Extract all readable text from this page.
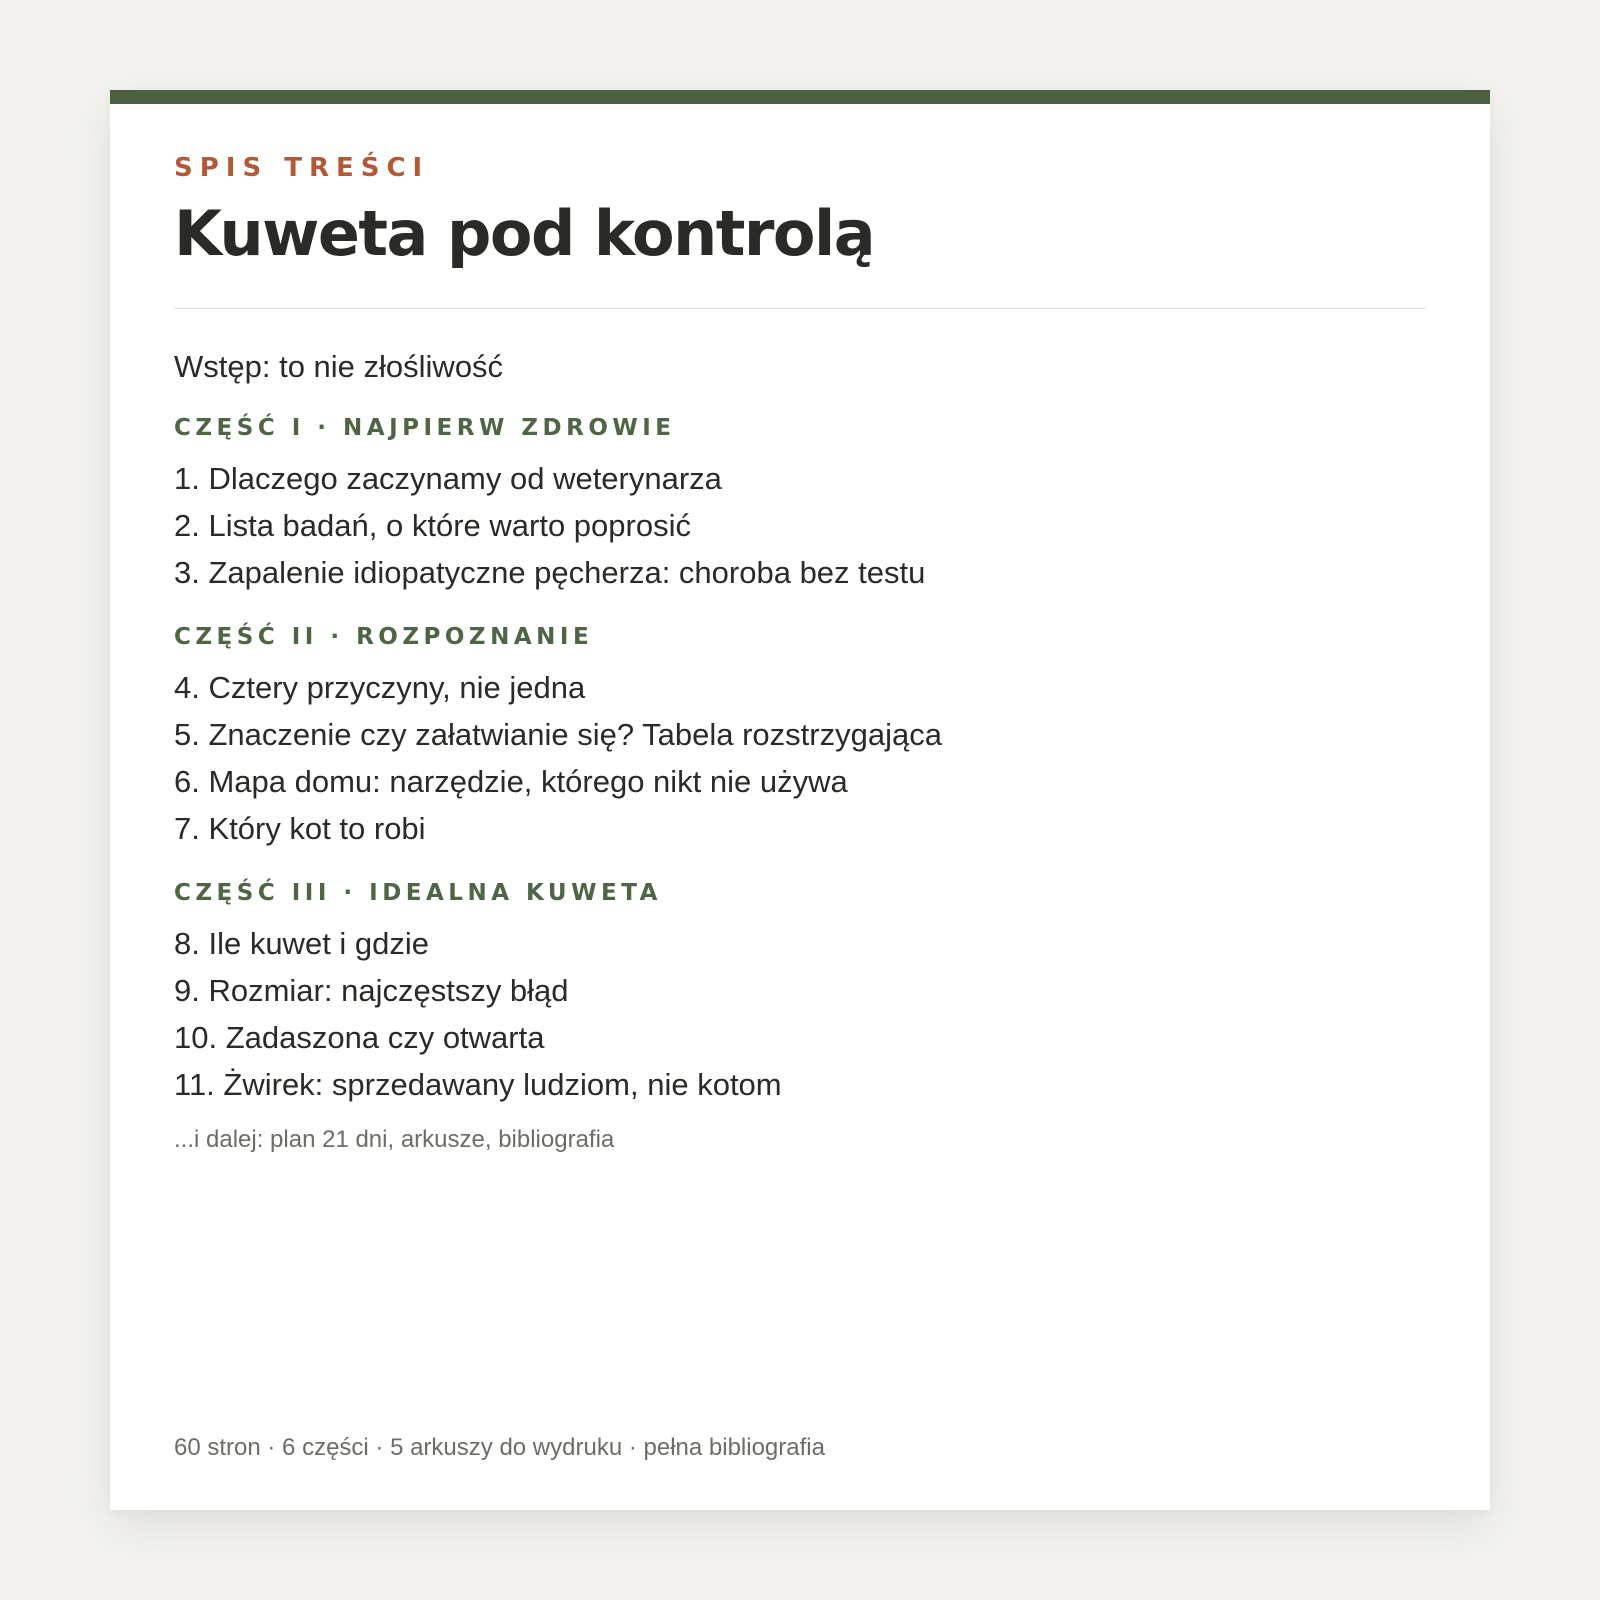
SPIS TREŚCI
Kuweta pod kontrolą
Wstęp: to nie złośliwość
CZĘŚĆ I · NAJPIERW ZDROWIE
1. Dlaczego zaczynamy od weterynarza
2. Lista badań, o które warto poprosić
3. Zapalenie idiopatyczne pęcherza: choroba bez testu
CZĘŚĆ II · ROZPOZNANIE
4. Cztery przyczyny, nie jedna
5. Znaczenie czy załatwianie się? Tabela rozstrzygająca
6. Mapa domu: narzędzie, którego nikt nie używa
7. Który kot to robi
CZĘŚĆ III · IDEALNA KUWETA
8. Ile kuwet i gdzie
9. Rozmiar: najczęstszy błąd
10. Zadaszona czy otwarta
11. Żwirek: sprzedawany ludziom, nie kotom
...i dalej: plan 21 dni, arkusze, bibliografia
60 stron · 6 części · 5 arkuszy do wydruku · pełna bibliografia
